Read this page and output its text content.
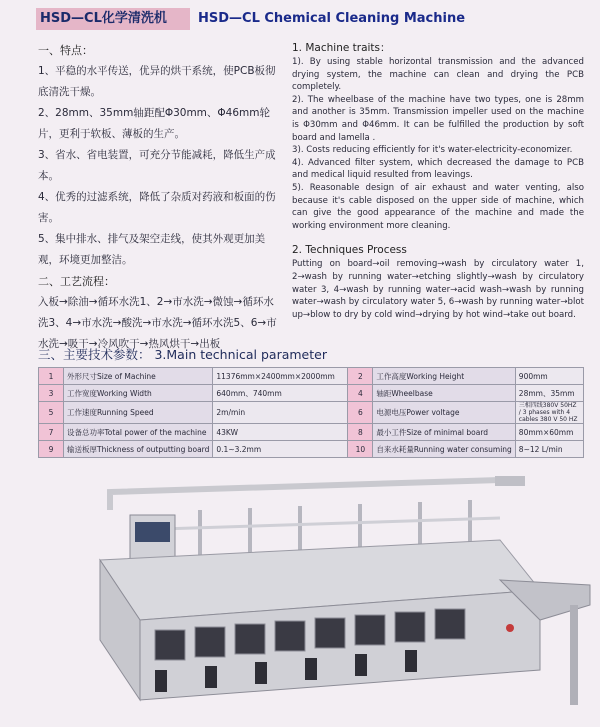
HSD—CL化学清洗机	HSD—CL Chemical Cleaning Machine

一、特点：

1、平稳的水平传送，优异的烘干系统，使PCB板彻底清洗干燥。

2、28mm、35mm轴距配Φ30mm、Φ46mm轮片，更利于软板、薄板的生产。

3、省水、省电装置，可充分节能减耗，降低生产成本。

4、优秀的过滤系统，降低了杂质对药液和板面的伤害。

5、集中排水、排气及架空走线，使其外观更加美观，环境更加整洁。

二、工艺流程：

入板→除油→循环水洗1、2→市水洗→微蚀→循环水洗3、4→市水洗→酸洗→市水洗→循环水洗5、6→市水洗→吸干→冷风吹干→热风烘干→出板

1. Machine traits：

1). By using stable horizontal transmission and the advanced drying system, the machine can clean and drying the PCB completely.

2). The wheelbase of the machine have two types, one is 28mm and another is 35mm. Transmission impeller used on the machine is Φ30mm and Φ46mm. It can be fulfilled the production by soft board and lamella .

3). Costs reducing efficiently for it's water-electricity-economizer.

4). Advanced filter system, which decreased the damage to PCB and medical liquid resulted from leavings.

5). Reasonable design of air exhaust and water venting, also because it's cable disposed on the upper side of machine, which can give the good appearance of the machine and made the working environment more cleaning.

2. Techniques Process

Putting on board→oil removing→wash by circulatory water 1, 2→wash by running water→etching slightly→wash by circulatory water 3, 4→wash by running water→acid wash→wash by running water→wash by circulatory water 5, 6→wash by running water→blot up→blow to dry by cold wind→drying by hot wind→take out board.

三、主要技术参数： 3.Main technical parameter
1	外形尺寸Size of Machine	11376mm×2400mm×2000mm	2	工作高度Working Height	900mm
3	工作宽度Working Width	640mm、740mm	4	轴距Wheelbase	28mm、35mm
5	工作速度Running Speed	2m/min	6	电源电压Power voltage	三相四线380V 50HZ / 3 phases with 4 cables 380 V 50 HZ
7	设备总功率Total power of the machine	43KW	8	最小工件Size of minimal board	80mm×60mm
9	输送板厚Thickness of outputting board	0.1~3.2mm	10	自来水耗量Running water consuming	8~12 L/min
